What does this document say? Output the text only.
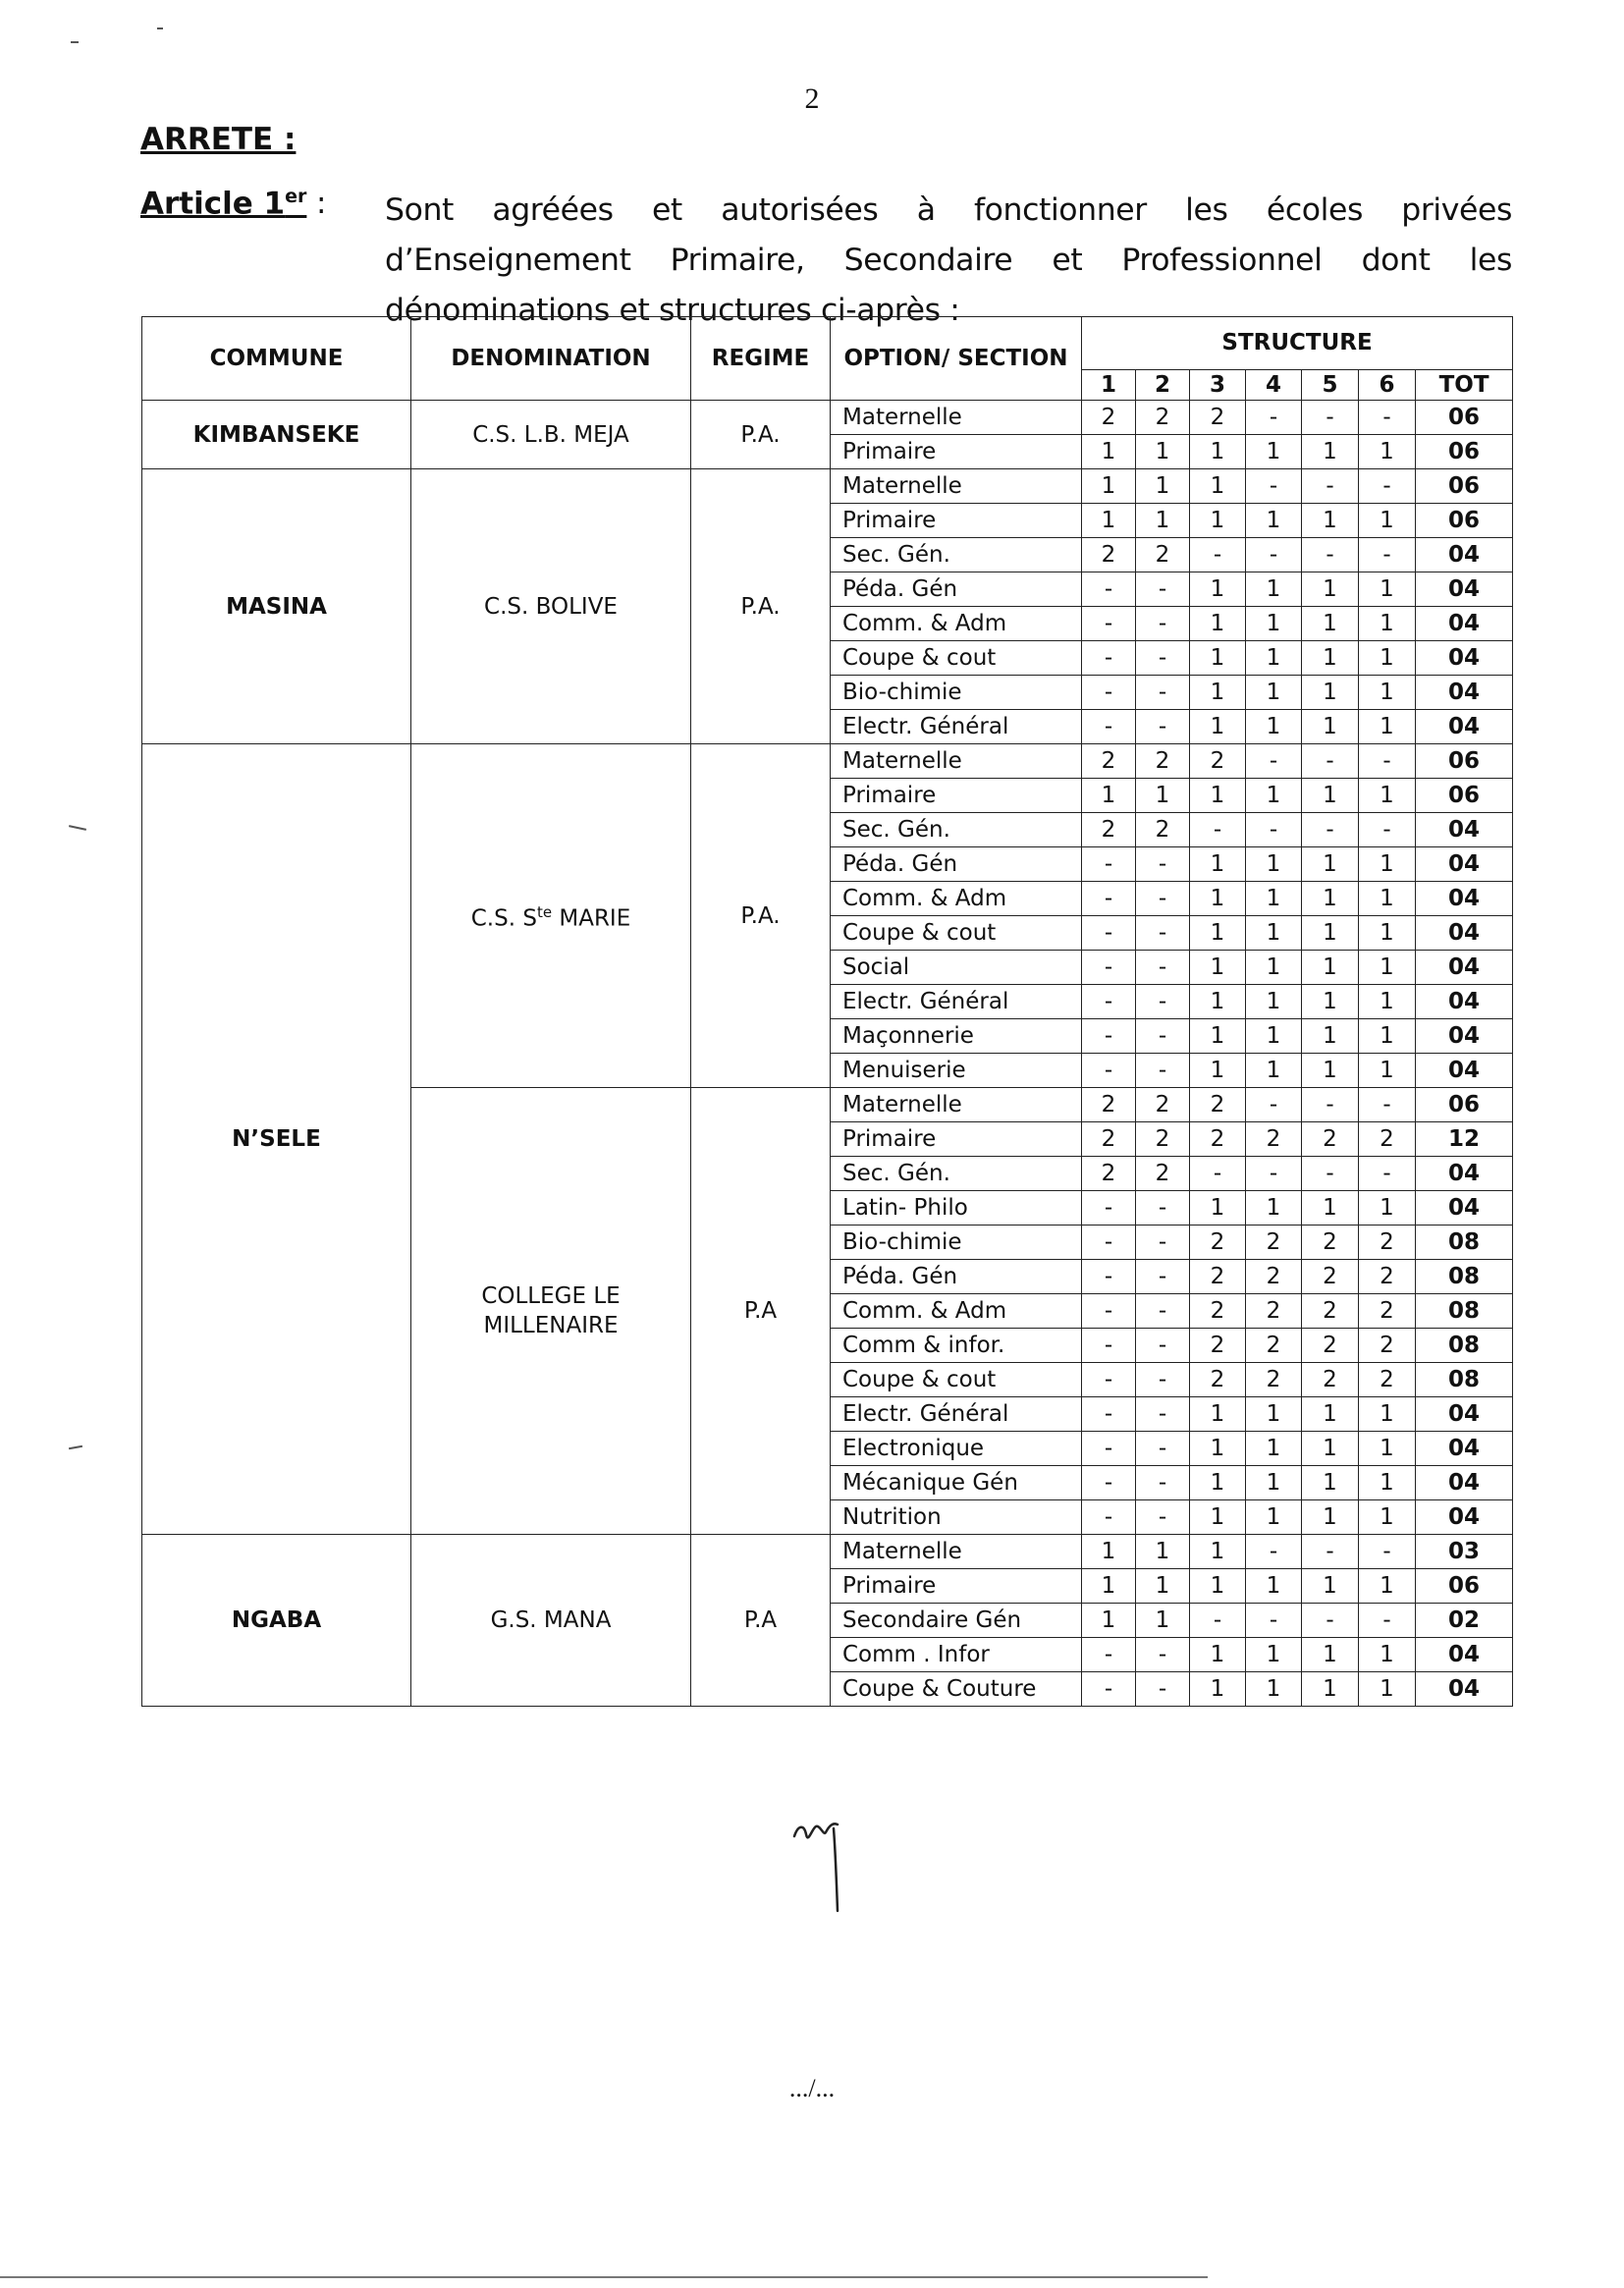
2
ARRETE :
Article 1er : Sont agréées et autorisées à fonctionner les écoles privées d’Enseignement Primaire, Secondaire et Professionnel dont les dénominations et structures ci-après :
COMMUNE	DENOMINATION	REGIME	OPTION/ SECTION	STRUCTURE						
				1	2	3	4	5	6	TOT
KIMBANSEKE	C.S. L.B. MEJA	P.A.	Maternelle	2	2	2	-	-	-	06
			Primaire	1	1	1	1	1	1	06
MASINA	C.S. BOLIVE	P.A.	Maternelle	1	1	1	-	-	-	06
			Primaire	1	1	1	1	1	1	06
			Sec. Gén.	2	2	-	-	-	-	04
			Péda. Gén	-	-	1	1	1	1	04
			Comm. & Adm	-	-	1	1	1	1	04
			Coupe & cout	-	-	1	1	1	1	04
			Bio-chimie	-	-	1	1	1	1	04
			Electr. Général	-	-	1	1	1	1	04
N’SELE	C.S. $S^{te}$ MARIE	P.A.	Maternelle	2	2	2	-	-	-	06
			Primaire	1	1	1	1	1	1	06
			Sec. Gén.	2	2	-	-	-	-	04
			Péda. Gén	-	-	1	1	1	1	04
			Comm. & Adm	-	-	1	1	1	1	04
			Coupe & cout	-	-	1	1	1	1	04
			Social	-	-	1	1	1	1	04
			Electr. Général	-	-	1	1	1	1	04
			Maçonnerie	-	-	1	1	1	1	04
			Menuiserie	-	-	1	1	1	1	04
	COLLEGE LE MILLENAIRE	P.A	Maternelle	2	2	2	-	-	-	06
			Primaire	2	2	2	2	2	2	12
			Sec. Gén.	2	2	-	-	-	-	04
			Latin- Philo	-	-	1	1	1	1	04
			Bio-chimie	-	-	2	2	2	2	08
			Péda. Gén	-	-	2	2	2	2	08
			Comm. & Adm	-	-	2	2	2	2	08
			Comm & infor.	-	-	2	2	2	2	08
			Coupe & cout	-	-	2	2	2	2	08
			Electr. Général	-	-	1	1	1	1	04
			Electronique	-	-	1	1	1	1	04
			Mécanique Gén	-	-	1	1	1	1	04
			Nutrition	-	-	1	1	1	1	04
NGABA	G.S. MANA	P.A	Maternelle	1	1	1	-	-	-	03
			Primaire	1	1	1	1	1	1	06
			Secondaire Gén	1	1	-	-	-	-	02
			Comm . Infor	-	-	1	1	1	1	04
			Coupe & Couture	-	-	1	1	1	1	04
.../...
